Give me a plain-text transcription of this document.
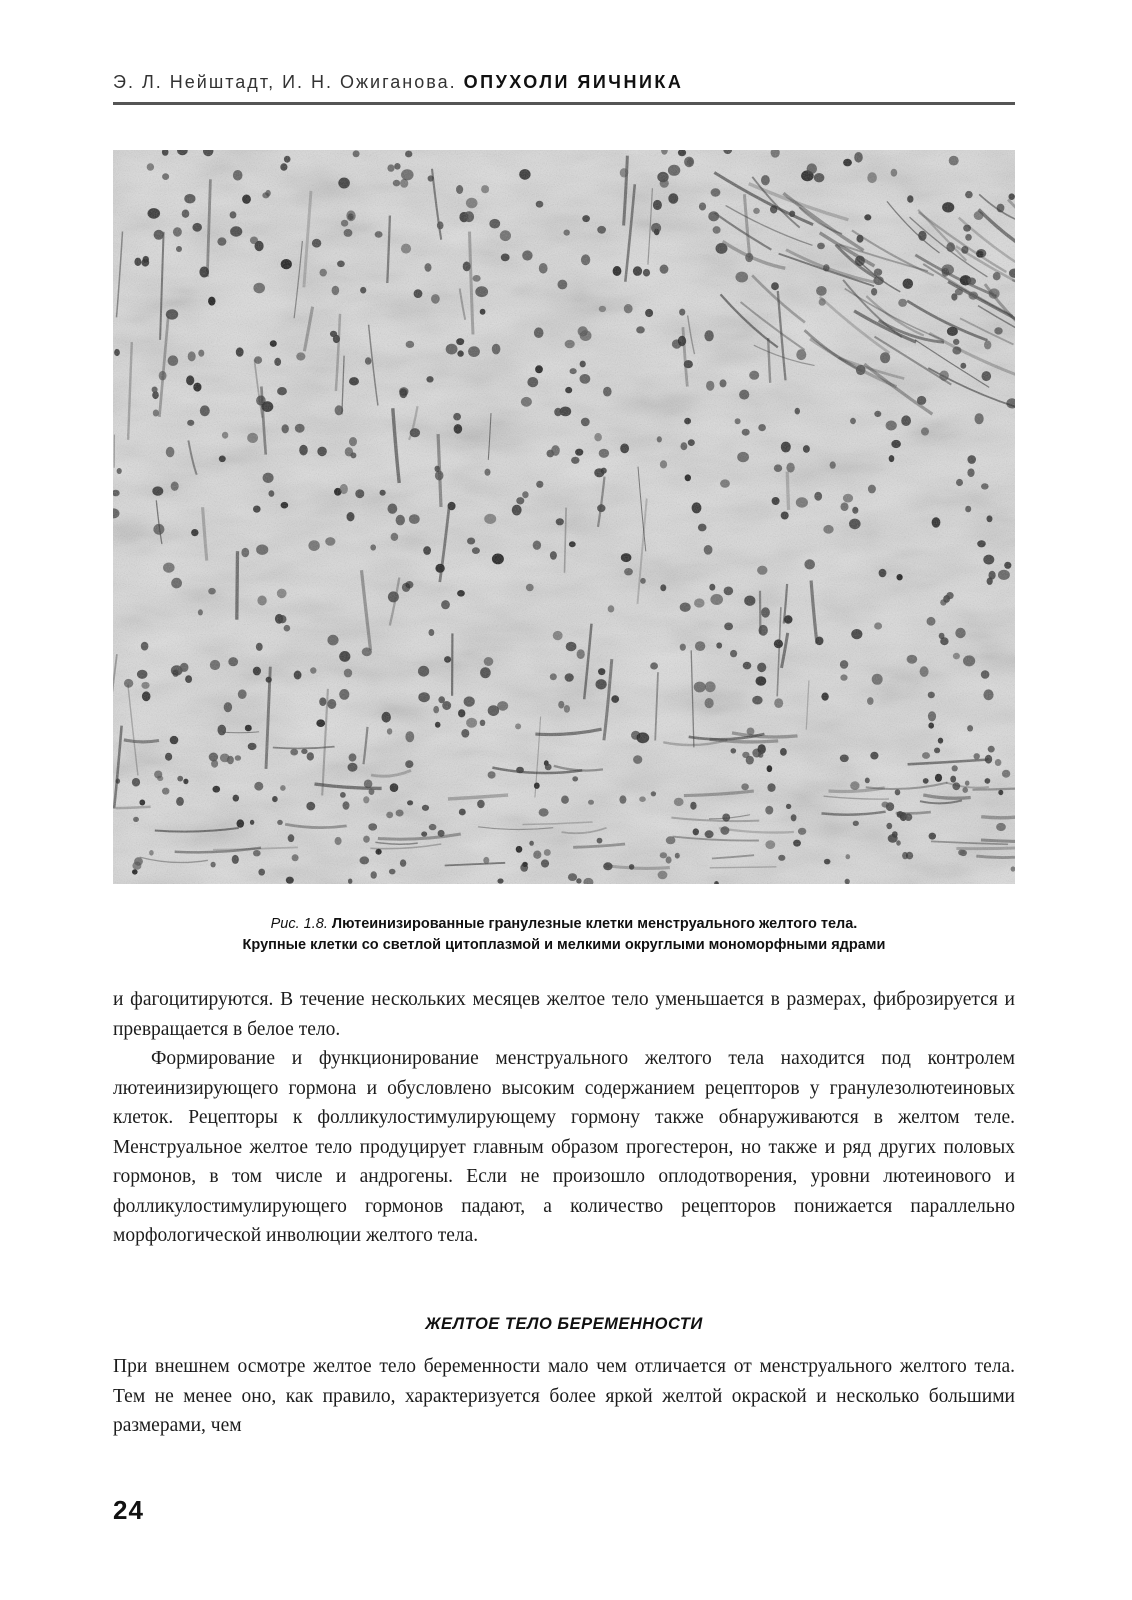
Э. Л. Нейштадт, И. Н. Ожиганова. ОПУХОЛИ ЯИЧНИКА
Рис. 1.8. Лютеинизированные гранулезные клетки менструального желтого тела.
Крупные клетки со светлой цитоплазмой и мелкими округлыми мономорфными ядрами

и фагоцитируются. В течение нескольких месяцев желтое тело уменьшается в размерах, фиброзируется и превращается в белое тело.

Формирование и функционирование менструального желтого тела находится под контролем лютеинизирующего гормона и обусловлено высоким содержанием рецепторов у гранулезолютеиновых клеток. Рецепторы к фолликулостимулирующему гормону также обнаруживаются в желтом теле. Менструальное желтое тело продуцирует главным образом прогестерон, но также и ряд других половых гормонов, в том числе и андрогены. Если не произошло оплодотворения, уровни лютеинового и фолликулостимулирующего гормонов падают, а количество рецепторов понижается параллельно морфологической инволюции желтого тела.

ЖЕЛТОЕ ТЕЛО БЕРЕМЕННОСТИ

При внешнем осмотре желтое тело беременности мало чем отличается от менструального желтого тела. Тем не менее оно, как правило, характеризуется более яркой желтой окраской и несколько большими размерами, чем

24
